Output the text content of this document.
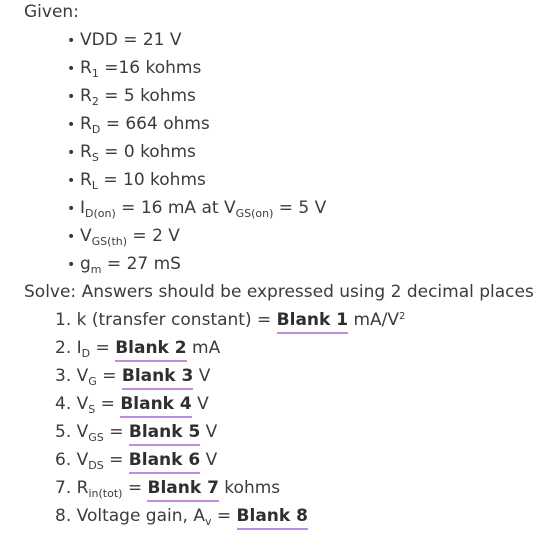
Given:
• VDD = 21 V
• $R_1 =16$ kohms
• $R_2 = 5$ kohms
• $R_D = 664$ ohms
• $R_S = 0$ kohms
• $R_L = 10$ kohms
• $I_{D(on)} = 16$ mA at $V_{GS(on)} = 5$ V
• $V_{GS(th)} = 2$ V
• $g_m = 27$ mS
Solve: Answers should be expressed using 2 decimal places
1. k (transfer constant) = Blank 1 $mA/V^2$
2. $I_D$ = Blank 2 mA
3. $V_G$ = Blank 3 V
4. $V_S$ = Blank 4 V
5. $V_{GS}$ = Blank 5 V
6. $V_{DS}$ = Blank 6 V
7. $R_{in(tot)}$ = Blank 7 kohms
8. Voltage gain, $A_v$ = Blank 8
